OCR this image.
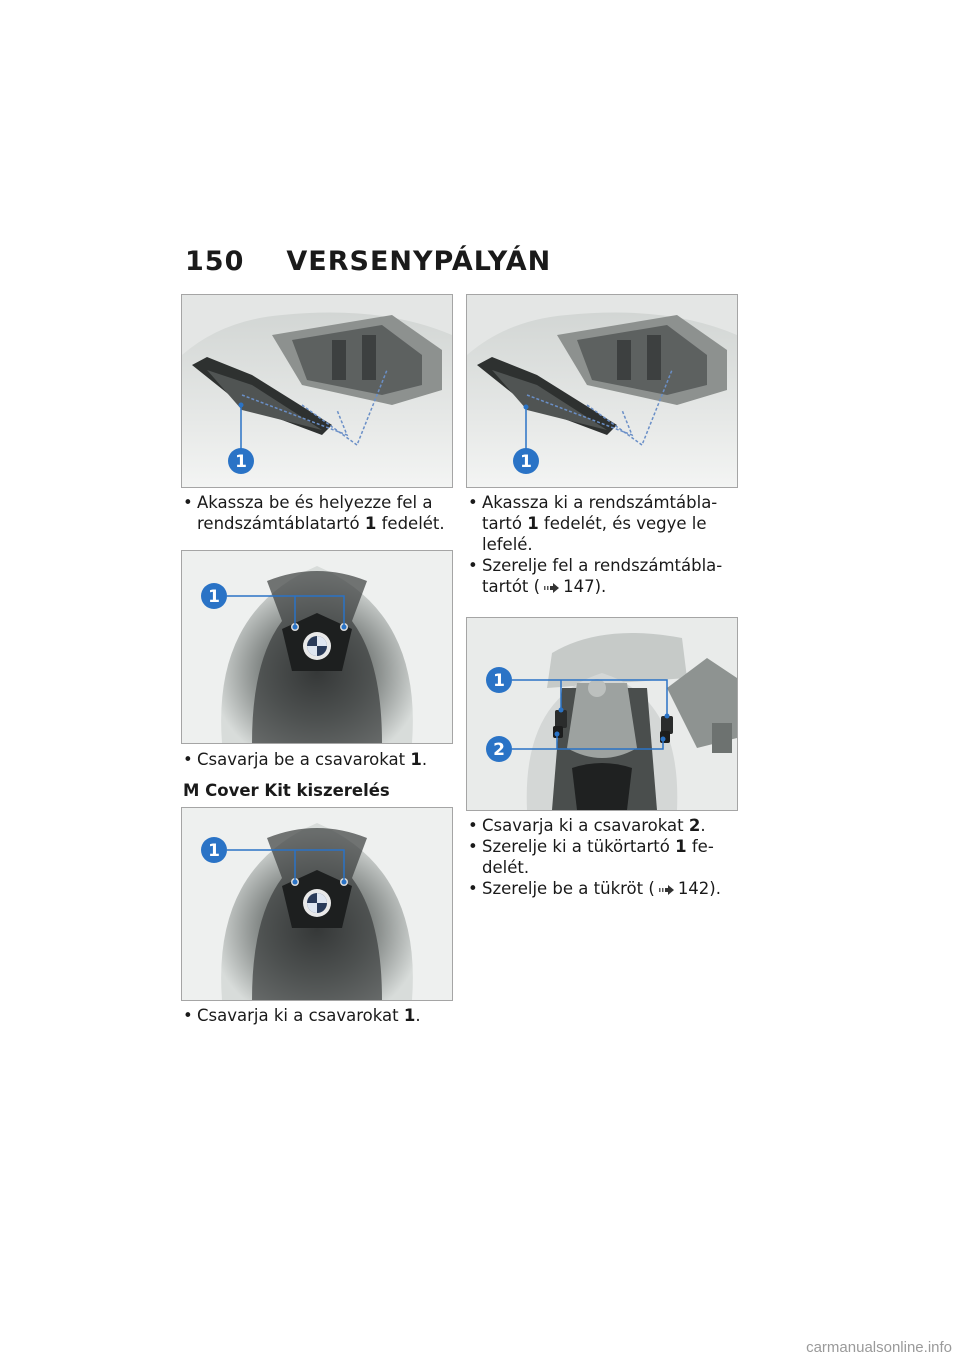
150 VERSENYPÁLYÁN
1
• Akassza be és helyezze fel a
rendszámtáblatartó 1 fedelét.
1
• Csavarja be a csavarokat 1.
M Cover Kit kiszerelés
1
• Csavarja ki a csavarokat 1.
1
• Akassza ki a rendszámtábla-
tartó 1 fedelét, és vegye le
lefelé.
• Szerelje fel a rendszámtábla-
tartót ( 147).
1
2
• Csavarja ki a csavarokat 2.
• Szerelje ki a tükörtartó 1 fe-
delét.
• Szerelje be a tükröt ( 142).
carmanualsonline.info
